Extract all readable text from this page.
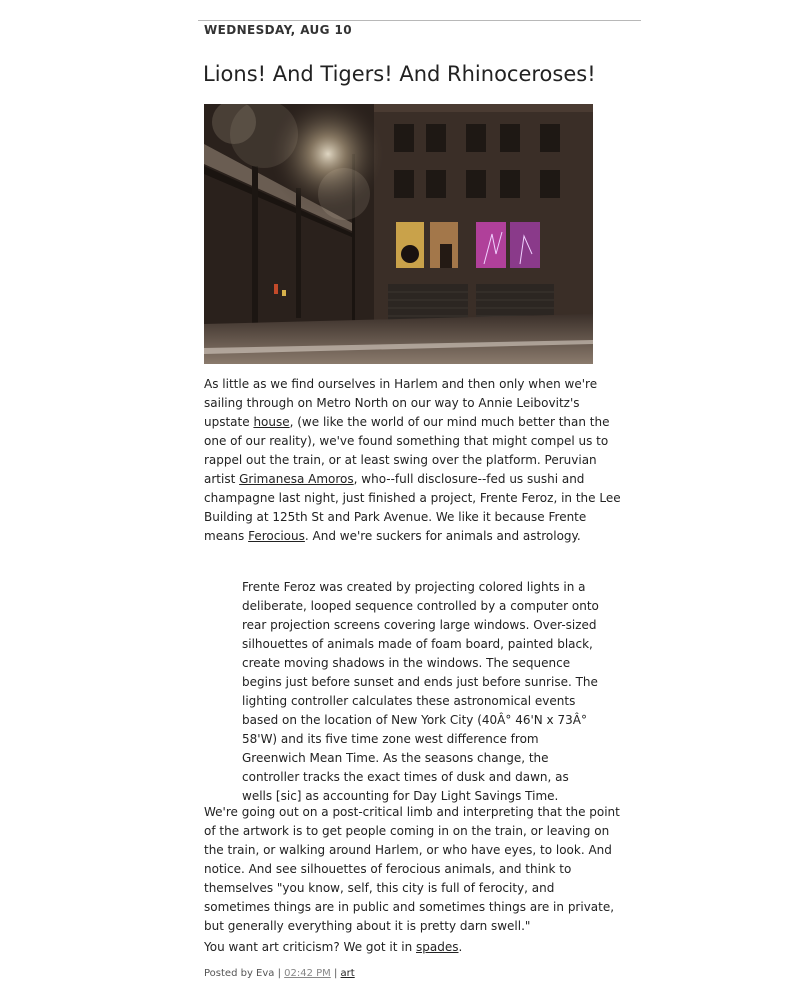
WEDNESDAY, AUG 10
Lions! And Tigers! And Rhinoceroses!

As little as we find ourselves in Harlem and then only when we're sailing through on Metro North on our way to Annie Leibovitz's upstate house, (we like the world of our mind much better than the one of our reality), we've found something that might compel us to rappel out the train, or at least swing over the platform. Peruvian artist Grimanesa Amoros, who--full disclosure--fed us sushi and champagne last night, just finished a project, Frente Feroz, in the Lee Building at 125th St and Park Avenue. We like it because Frente means Ferocious. And we're suckers for animals and astrology.

Frente Feroz was created by projecting colored lights in a deliberate, looped sequence controlled by a computer onto rear projection screens covering large windows. Over-sized silhouettes of animals made of foam board, painted black, create moving shadows in the windows. The sequence begins just before sunset and ends just before sunrise. The lighting controller calculates these astronomical events based on the location of New York City (40Â° 46'N x 73Â° 58'W) and its five time zone west difference from Greenwich Mean Time. As the seasons change, the controller tracks the exact times of dusk and dawn, as wells [sic] as accounting for Day Light Savings Time.

We're going out on a post-critical limb and interpreting that the point of the artwork is to get people coming in on the train, or leaving on the train, or walking around Harlem, or who have eyes, to look. And notice. And see silhouettes of ferocious animals, and think to themselves "you know, self, this city is full of ferocity, and sometimes things are in public and sometimes things are in private, but generally everything about it is pretty darn swell."

You want art criticism? We got it in spades.

Posted by Eva | 02:42 PM | art
